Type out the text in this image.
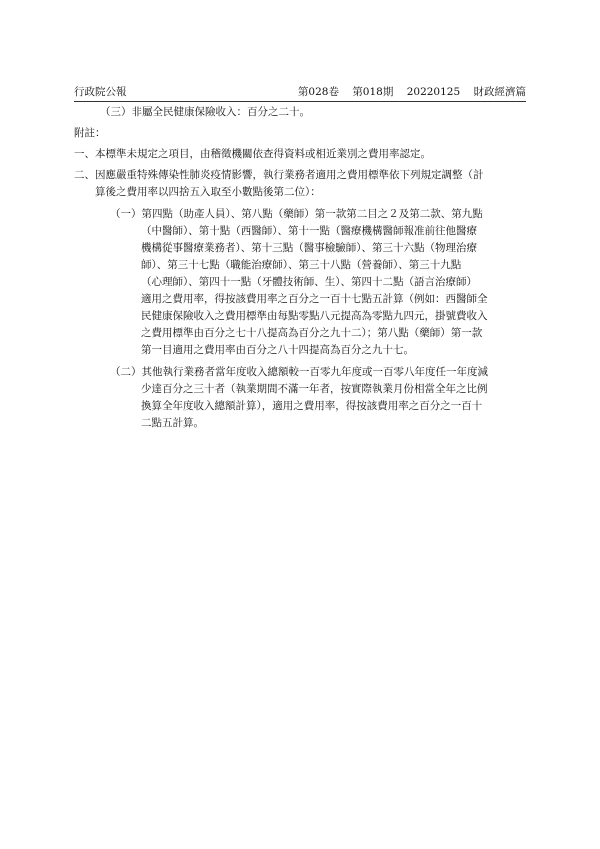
行政院公報	第028卷 第018期 20220125 財政經濟篇
（三）非屬全民健康保險收入：百分之二十。
附註：
一、本標準未規定之項目，由稽徵機關依查得資料或相近業別之費用率認定。
二、因應嚴重特殊傳染性肺炎疫情影響，執行業務者適用之費用標準依下列規定調整（計
算後之費用率以四捨五入取至小數點後第二位）：
（一）第四點（助產人員）、第八點（藥師）第一款第二目之２及第二款、第九點
（中醫師）、第十點（西醫師）、第十一點（醫療機構醫師報准前往他醫療
機構從事醫療業務者）、第十三點（醫事檢驗師）、第三十六點（物理治療
師）、第三十七點（職能治療師）、第三十八點（營養師）、第三十九點
（心理師）、第四十一點（牙體技術師、生）、第四十二點（語言治療師）
適用之費用率，得按該費用率之百分之一百十七點五計算（例如：西醫師全
民健康保險收入之費用標準由每點零點八元提高為零點九四元，掛號費收入
之費用標準由百分之七十八提高為百分之九十二）；第八點（藥師）第一款
第一目適用之費用率由百分之八十四提高為百分之九十七。
（二）其他執行業務者當年度收入總額較一百零九年度或一百零八年度任一年度減
少達百分之三十者（執業期間不滿一年者，按實際執業月份相當全年之比例
換算全年度收入總額計算），適用之費用率，得按該費用率之百分之一百十
二點五計算。
